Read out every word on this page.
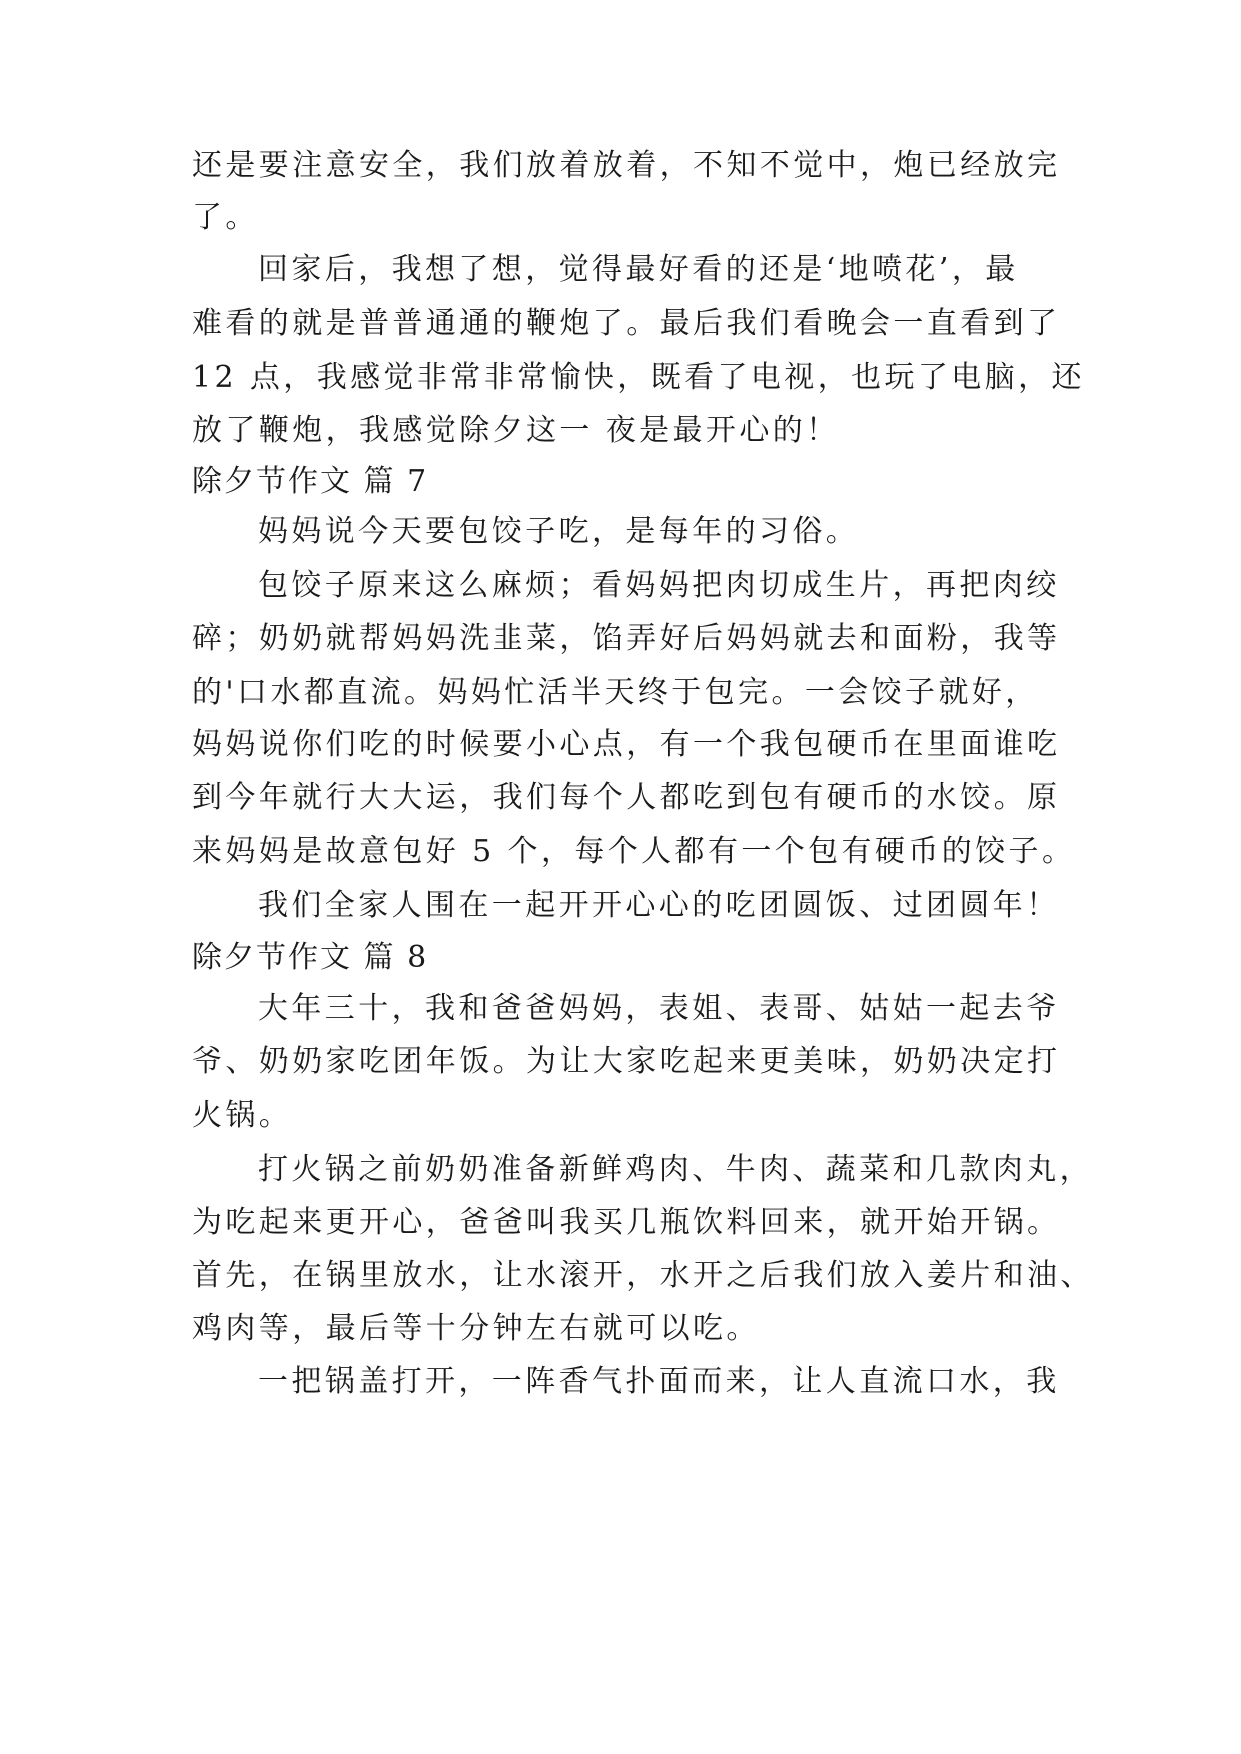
还是要注意安全，我们放着放着，不知不觉中，炮已经放完
了。
回家后，我想了想，觉得最好看的还是‘地喷花’，最
难看的就是普普通通的鞭炮了。最后我们看晚会一直看到了
12 点，我感觉非常非常愉快，既看了电视，也玩了电脑，还
放了鞭炮，我感觉除夕这一 夜是最开心的！
除夕节作文 篇 7
妈妈说今天要包饺子吃，是每年的习俗。
包饺子原来这么麻烦；看妈妈把肉切成生片，再把肉绞
碎；奶奶就帮妈妈洗韭菜，馅弄好后妈妈就去和面粉，我等
的'口水都直流。妈妈忙活半天终于包完。一会饺子就好，
妈妈说你们吃的时候要小心点，有一个我包硬币在里面谁吃
到今年就行大大运，我们每个人都吃到包有硬币的水饺。原
来妈妈是故意包好 5 个，每个人都有一个包有硬币的饺子。
我们全家人围在一起开开心心的吃团圆饭、过团圆年！
除夕节作文 篇 8
大年三十，我和爸爸妈妈，表姐、表哥、姑姑一起去爷
爷、奶奶家吃团年饭。为让大家吃起来更美味，奶奶决定打
火锅。
打火锅之前奶奶准备新鲜鸡肉、牛肉、蔬菜和几款肉丸，
为吃起来更开心，爸爸叫我买几瓶饮料回来，就开始开锅。
首先，在锅里放水，让水滚开，水开之后我们放入姜片和油、
鸡肉等，最后等十分钟左右就可以吃。
一把锅盖打开，一阵香气扑面而来，让人直流口水，我
